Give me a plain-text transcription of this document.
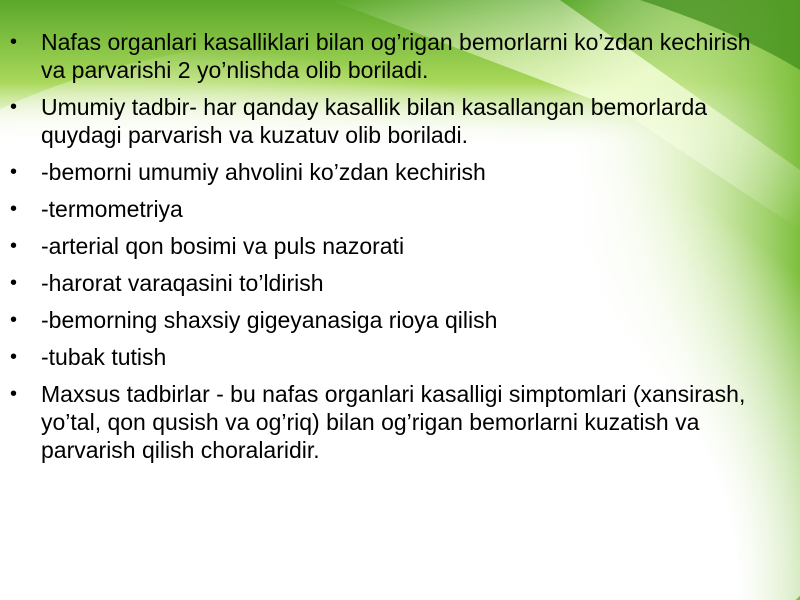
•	Nafas organlari kasalliklari bilan og’rigan bemorlarni ko’zdan kechirish va parvarishi 2 yo’nlishda olib boriladi.
•	Umumiy tadbir- har qanday kasallik bilan kasallangan bemorlarda quydagi parvarish va kuzatuv olib boriladi.
•	-bemorni umumiy ahvolini ko’zdan kechirish
•	-termometriya
•	-arterial qon bosimi va puls nazorati
•	-harorat varaqasini to’ldirish
•	-bemorning shaxsiy gigeyanasiga rioya qilish
•	-tubak tutish
•	Maxsus tadbirlar - bu nafas organlari kasalligi simptomlari (xansirash, yo’tal, qon qusish va og’riq) bilan og’rigan bemorlarni kuzatish va parvarish qilish choralaridir.
